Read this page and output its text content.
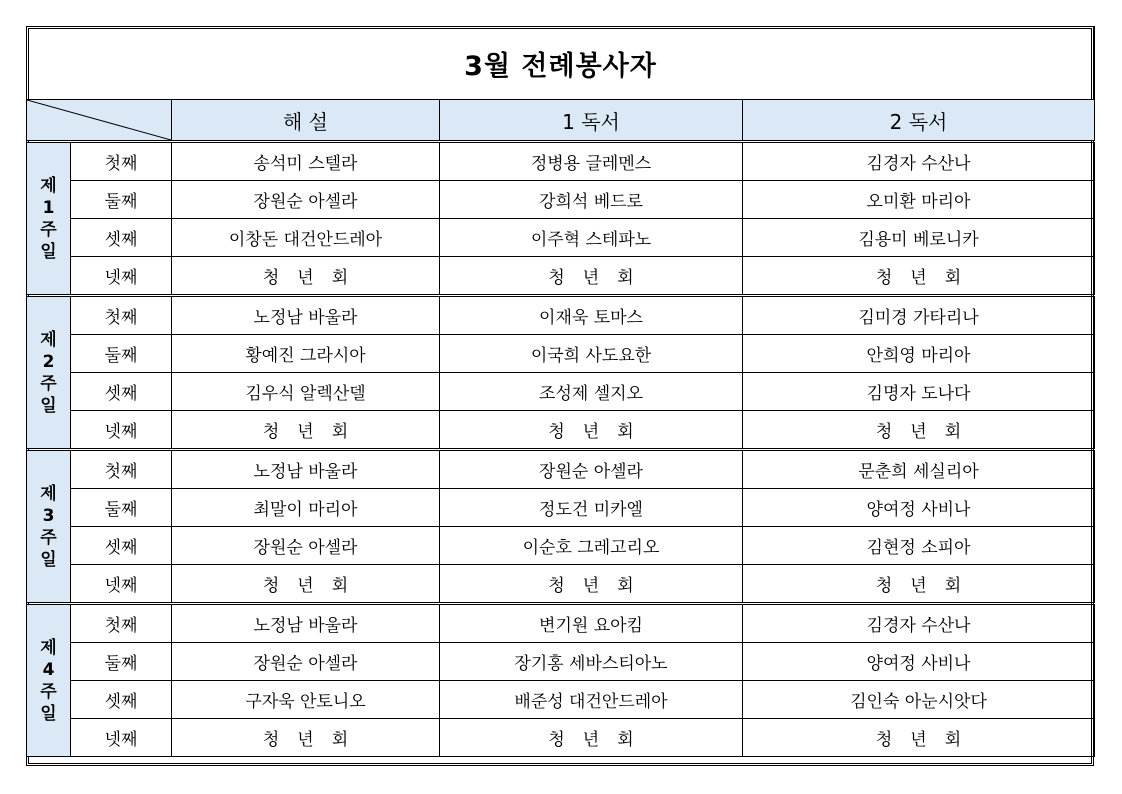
3월 전례봉사자				

	해 설	1 독서	2 독서

제
1
주
일	첫째	송석미 스텔라	정병용 글레멘스	김경자 수산나
	둘째	장원순 아셀라	강희석 베드로	오미환 마리아
	셋째	이창돈 대건안드레아	이주혁 스테파노	김용미 베로니카
	넷째	청년회	청년회	청년회

제
2
주
일	첫째	노정남 바울라	이재욱 토마스	김미경 가타리나
	둘째	황예진 그라시아	이국희 사도요한	안희영 마리아
	셋째	김우식 알렉산델	조성제 셀지오	김명자 도나다
	넷째	청년회	청년회	청년회

제
3
주
일	첫째	노정남 바울라	장원순 아셀라	문춘희 세실리아
	둘째	최말이 마리아	정도건 미카엘	양여정 사비나
	셋째	장원순 아셀라	이순호 그레고리오	김현정 소피아
	넷째	청년회	청년회	청년회

제
4
주
일	첫째	노정남 바울라	변기원 요아킴	김경자 수산나
	둘째	장원순 아셀라	장기홍 세바스티아노	양여정 사비나
	셋째	구자욱 안토니오	배준성 대건안드레아	김인숙 아눈시앗다
	넷째	청년회	청년회	청년회
